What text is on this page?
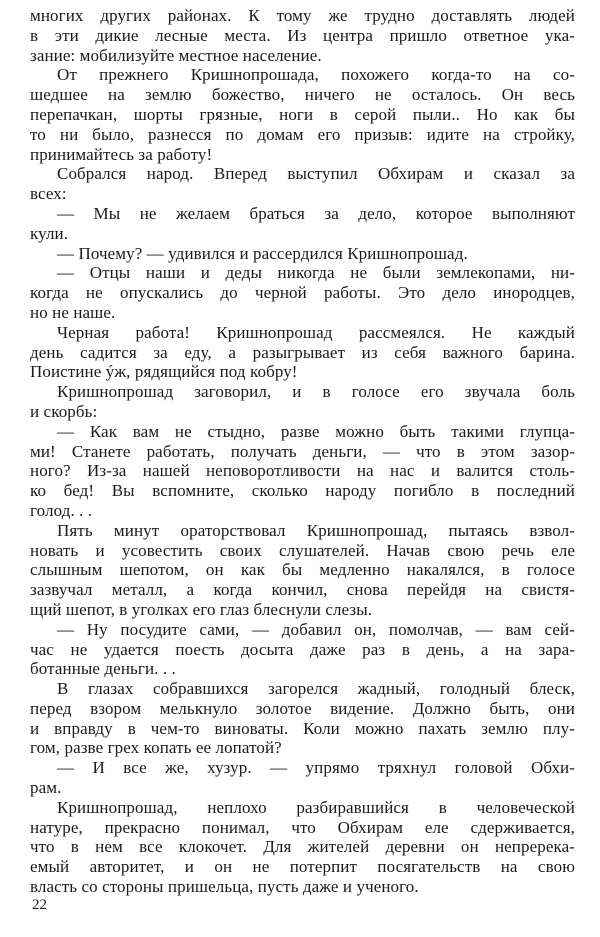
многих других районах. К тому же трудно доставлять людей
в эти дикие лесные места. Из центра пришло ответное ука-
зание: мобилизуйте местное население.
От прежнего Кришнопрошада, похожего когда-то на со-
шедшее на землю божество, ничего не осталось. Он весь
перепачкан, шорты грязные, ноги в серой пыли.. Но как бы
то ни было, разнесся по домам его призыв: идите на стройку,
принимайтесь за работу!
Собрался народ. Вперед выступил Обхирам и сказал за
всех:
— Мы не желаем браться за дело, которое выполняют
кули.
— Почему? — удивился и рассердился Кришнопрошад.
— Отцы наши и деды никогда не были землекопами, ни-
когда не опускались до черной работы. Это дело инородцев,
но не наше.
Черная работа! Кришнопрошад рассмеялся. Не каждый
день садится за еду, а разыгрывает из себя важного барина.
Поистине ýж, рядящийся под кобру!
Кришнопрошад заговорил, и в голосе его звучала боль
и скорбь:
— Как вам не стыдно, разве можно быть такими глупца-
ми! Станете работать, получать деньги, — что в этом зазор-
ного? Из-за нашей неповоротливости на нас и валится столь-
ко бед! Вы вспомните, сколько народу погибло в последний
голод. . .
Пять минут ораторствовал Кришнопрошад, пытаясь взвол-
новать и усовестить своих слушателей. Начав свою речь еле
слышным шепотом, он как бы медленно накалялся, в голосе
зазвучал металл, а когда кончил, снова перейдя на свистя-
щий шепот, в уголках его глаз блеснули слезы.
— Ну посудите сами, — добавил он, помолчав, — вам сей-
час не удается поесть досыта даже раз в день, а на зара-
ботанные деньги. . .
В глазах собравшихся загорелся жадный, голодный блеск,
перед взором мелькнуло золотое видение. Должно быть, они
и вправду в чем-то виноваты. Коли можно пахать землю плу-
гом, разве грех копать ее лопатой?
— И все же, хузур. — упрямо тряхнул головой Обхи-
рам.
Кришнопрошад, неплохо разбиравшийся в человеческой
натуре, прекрасно понимал, что Обхирам еле сдерживается,
что в нем все клокочет. Для жителей деревни он непререка-
емый авторитет, и он не потерпит посягательств на свою
власть со стороны пришельца, пусть даже и ученого.
22
